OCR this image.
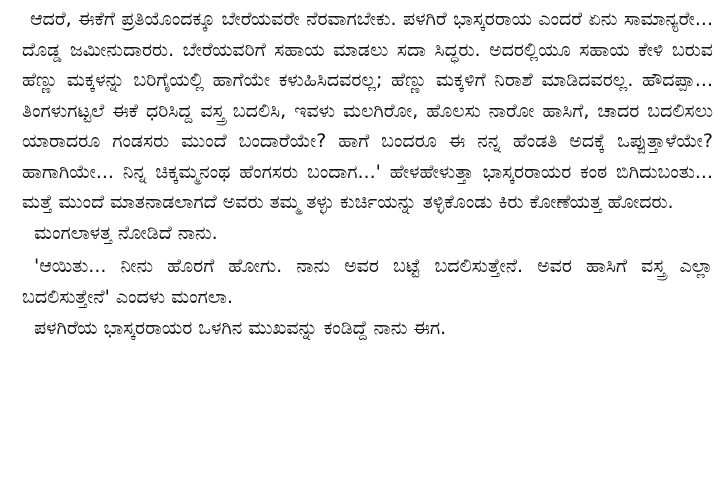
ಆದರೆ, ಈಕೆಗೆ ಪ್ರತಿಯೊಂದಕ್ಕೂ ಬೇರೆಯವರೇ ನೆರವಾಗಬೇಕು. ಪಳಗಿರೆ ಭಾಸ್ಕರರಾಯ ಎಂದರೆ ಏನು ಸಾಮಾನ್ಯರೇ... ದೊಡ್ಡ ಜಮೀನುದಾರರು. ಬೇರೆಯವರಿಗೆ ಸಹಾಯ ಮಾಡಲು ಸದಾ ಸಿದ್ಧರು. ಅದರಲ್ಲಿಯೂ ಸಹಾಯ ಕೇಳಿ ಬರುವ ಹೆಣ್ಣು ಮಕ್ಕಳನ್ನು ಬರಿಗೈಯಲ್ಲಿ ಹಾಗೆಯೇ ಕಳುಹಿಸಿದವರಲ್ಲ; ಹೆಣ್ಣು ಮಕ್ಕಳಿಗೆ ನಿರಾಶೆ ಮಾಡಿದವರಲ್ಲ. ಹೌದಪ್ಪಾ... ತಿಂಗಳುಗಟ್ಟಲೆ ಈಕೆ ಧರಿಸಿದ್ದ ವಸ್ತ್ರ ಬದಲಿಸಿ, ಇವಳು ಮಲಗಿರೋ, ಹೊಲಸು ನಾರೋ ಹಾಸಿಗೆ, ಚಾದರ ಬದಲಿಸಲು ಯಾರಾದರೂ ಗಂಡಸರು ಮುಂದೆ ಬಂದಾರೆಯೇ? ಹಾಗೆ ಬಂದರೂ ಈ ನನ್ನ ಹೆಂಡತಿ ಅದಕ್ಕೆ ಒಪ್ಪುತ್ತಾಳೆಯೇ? ಹಾಗಾಗಿಯೇ... ನಿನ್ನ ಚಿಕ್ಕಮ್ಮನಂಥ ಹೆಂಗಸರು ಬಂದಾಗ...' ಹೇಳಹೇಳುತ್ತಾ ಭಾಸ್ಕರರಾಯರ ಕಂಠ ಬಿಗಿದುಬಂತು... ಮತ್ತೆ ಮುಂದೆ ಮಾತನಾಡಲಾಗದೆ ಅವರು ತಮ್ಮ ತಳ್ಳು ಕುರ್ಚಿಯನ್ನು ತಳ್ಳಿಕೊಂಡು ಕಿರು ಕೋಣೆಯತ್ತ ಹೋದರು.

ಮಂಗಲಾಳತ್ತ ನೋಡಿದೆ ನಾನು.

'ಆಯಿತು... ನೀನು ಹೊರಗೆ ಹೋಗು. ನಾನು ಅವರ ಬಟ್ಟೆ ಬದಲಿಸುತ್ತೇನೆ. ಅವರ ಹಾಸಿಗೆ ವಸ್ತ್ರ ಎಲ್ಲಾ ಬದಲಿಸುತ್ತೇನೆ' ಎಂದಳು ಮಂಗಲಾ.

ಪಳಗಿರೆಯ ಭಾಸ್ಕರರಾಯರ ಒಳಗಿನ ಮುಖವನ್ನು ಕಂಡಿದ್ದೆ ನಾನು ಈಗ.
